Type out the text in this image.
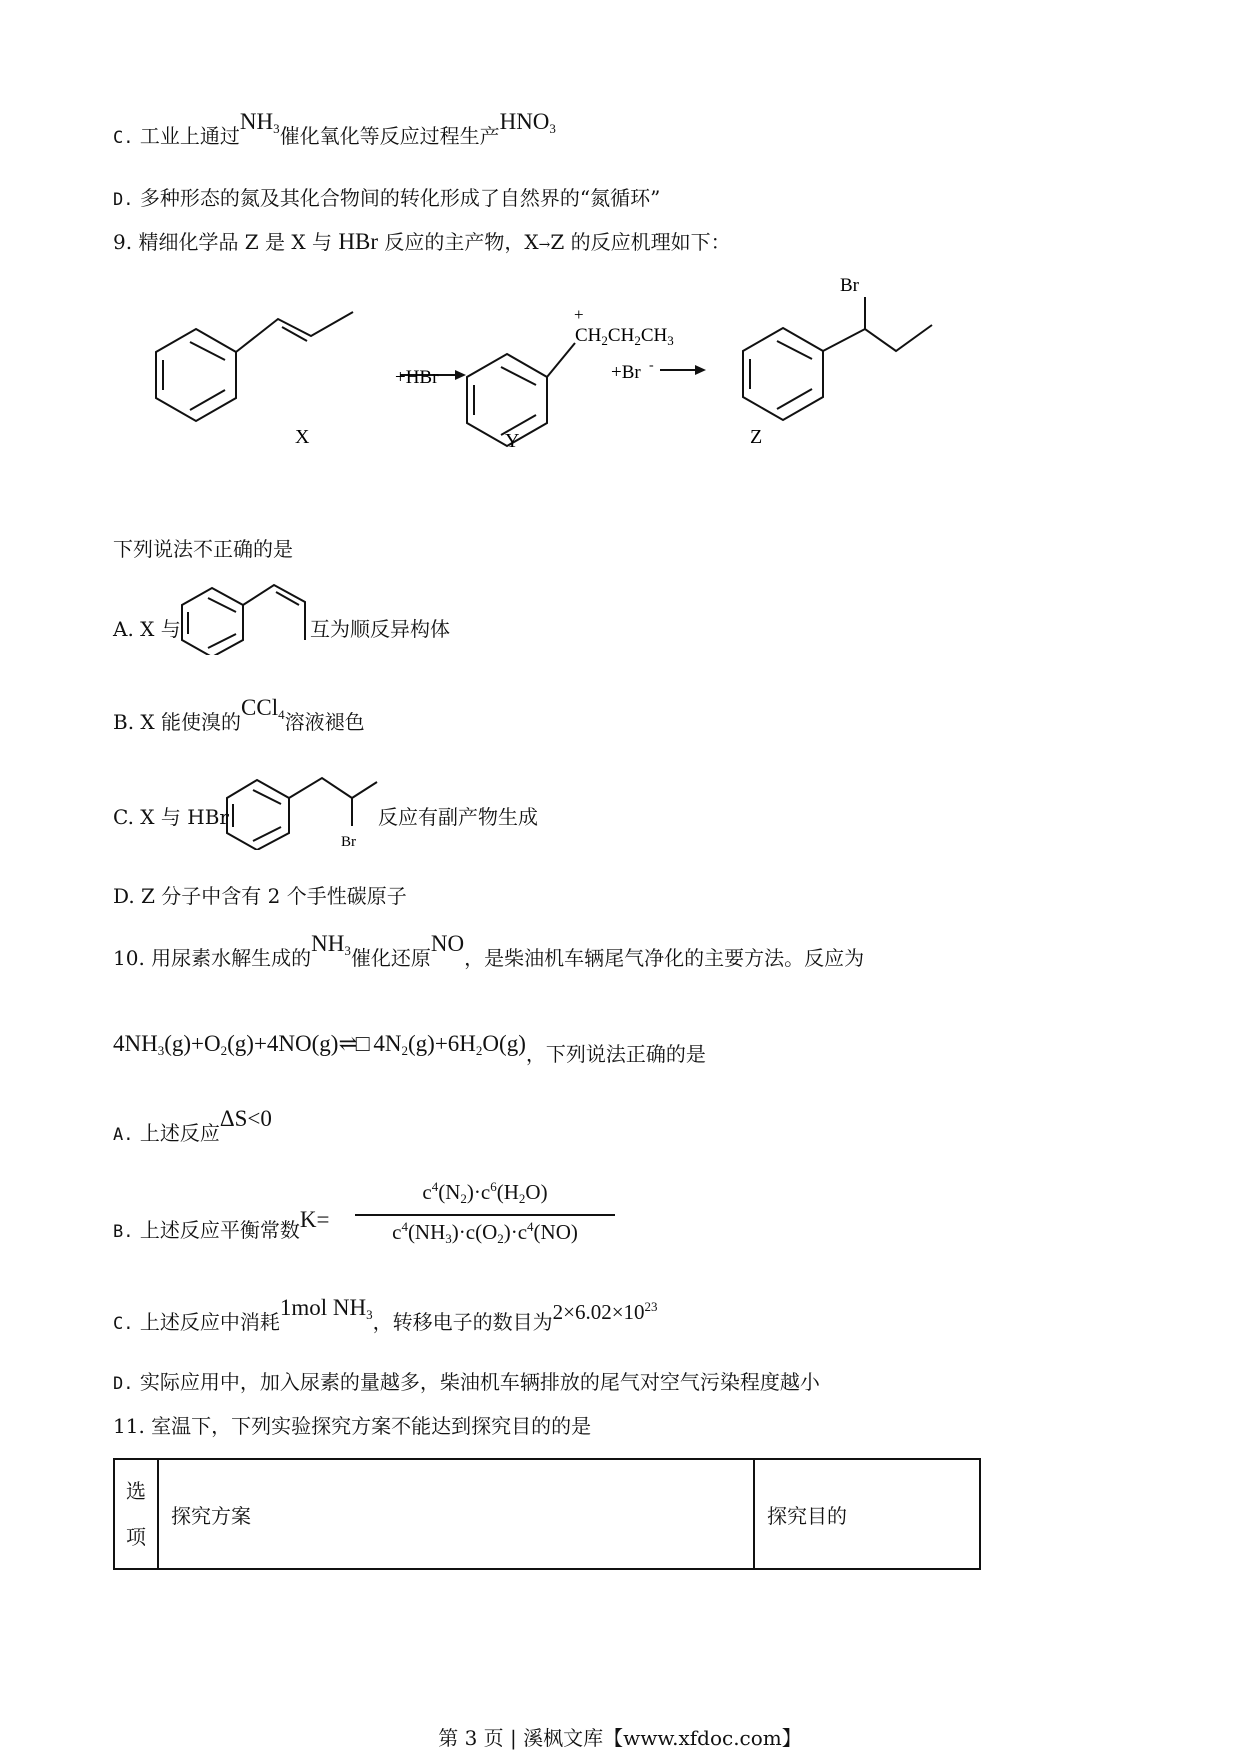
C. 工业上通过$NH_3$催化氧化等反应过程生产$HNO_3$
D. 多种形态的氮及其化合物间的转化形成了自然界的“氮循环”
9. 精细化学品 Z 是 X 与 HBr 反应的主产物，X→Z 的反应机理如下：
X
+HBr
+
$CH_2CH_2CH_3$
Y
+Br -
Br
Z
下列说法不正确的是
A. X 与	互为顺反异构体
B. X 能使溴的CCl$_4$溶液褪色
C. X 与 HBr
Br
反应有副产物生成
D. Z 分子中含有 2 个手性碳原子
10. 用尿素水解生成的$NH_3$催化还原NO，是柴油机车辆尾气净化的主要方法。反应为
$4NH_3(g)+O_2(g)+4NO(g)\rightleftharpoons□$ $4N_2(g)+6H_2O(g)$，下列说法正确的是
A. 上述反应ΔS<0
B. 上述反应平衡常数K=
$c^4(N_2)\cdot c^6(H_2O)$
$c^4(NH_3)\cdot c(O_2)\cdot c^4(NO)$
C. 上述反应中消耗1mol $NH_3$，转移电子的数目为$2\times 6.02\times 10^{23}$
D. 实际应用中，加入尿素的量越多，柴油机车辆排放的尾气对空气污染程度越小
11. 室温下，下列实验探究方案不能达到探究目的的是
选
项	探究方案	探究目的
第 3 页 | 溪枫文库【www.xfdoc.com】
